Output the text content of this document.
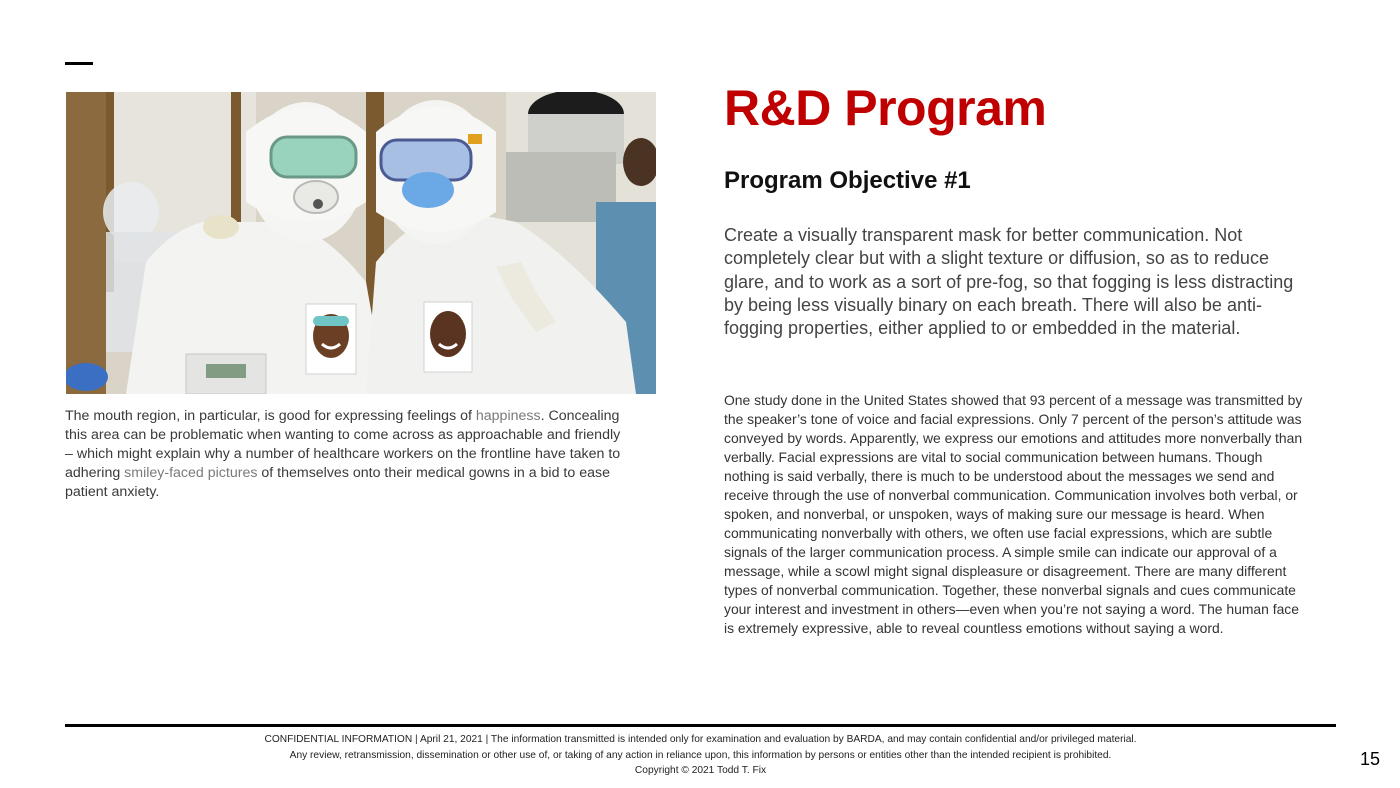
The mouth region, in particular, is good for expressing feelings of happiness. Concealing this area can be problematic when wanting to come across as approachable and friendly – which might explain why a number of healthcare workers on the frontline have taken to adhering smiley-faced pictures of themselves onto their medical gowns in a bid to ease patient anxiety.

R&D Program
Program Objective #1

Create a visually transparent mask for better communication. Not completely clear but with a slight texture or diffusion, so as to reduce glare, and to work as a sort of pre-fog, so that fogging is less distracting by being less visually binary on each breath. There will also be anti-fogging properties, either applied to or embedded in the material.

One study done in the United States showed that 93 percent of a message was transmitted by the speaker’s tone of voice and facial expressions. Only 7 percent of the person’s attitude was conveyed by words. Apparently, we express our emotions and attitudes more nonverbally than verbally. Facial expressions are vital to social communication between humans. Though nothing is said verbally, there is much to be understood about the messages we send and receive through the use of nonverbal communication. Communication involves both verbal, or spoken, and nonverbal, or unspoken, ways of making sure our message is heard. When communicating nonverbally with others, we often use facial expressions, which are subtle signals of the larger communication process. A simple smile can indicate our approval of a message, while a scowl might signal displeasure or disagreement. There are many different types of nonverbal communication. Together, these nonverbal signals and cues communicate your interest and investment in others—even when you’re not saying a word. The human face is extremely expressive, able to reveal countless emotions without saying a word.

CONFIDENTIAL INFORMATION | April 21, 2021 | The information transmitted is intended only for examination and evaluation by BARDA, and may contain confidential and/or privileged material.
Any review, retransmission, dissemination or other use of, or taking of any action in reliance upon, this information by persons or entities other than the intended recipient is prohibited.
Copyright © 2021 Todd T. Fix
15
